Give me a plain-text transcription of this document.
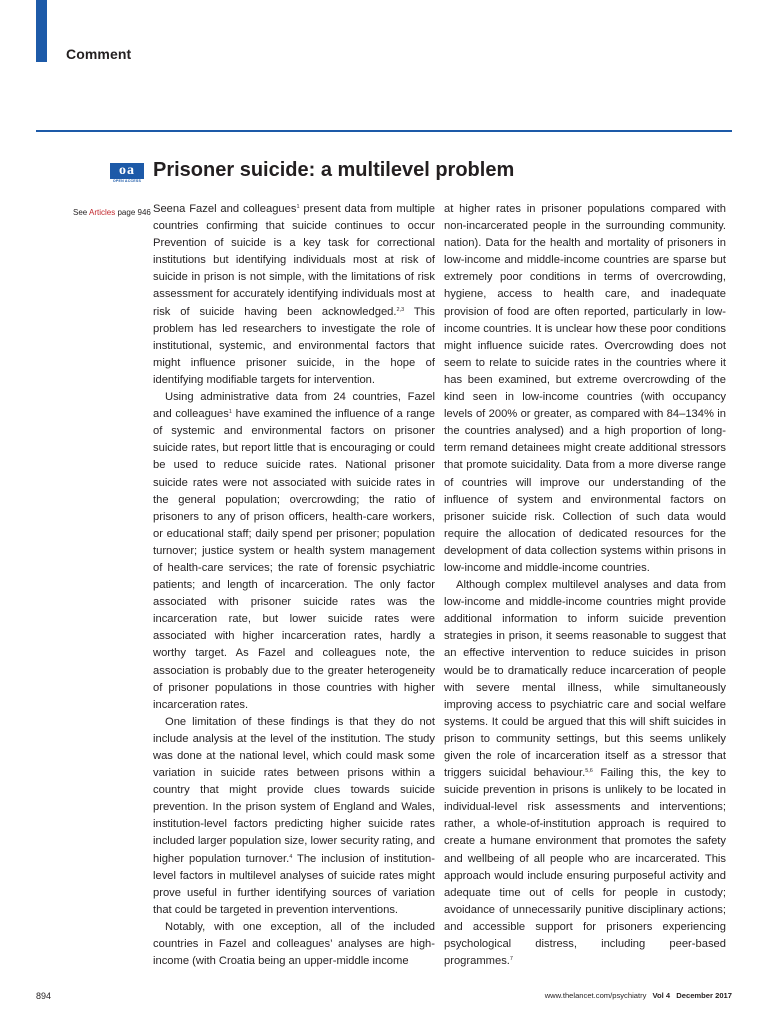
Comment
oa
OPEN ACCESS Prisoner suicide: a multilevel problem
See Articles page 946 Seena Fazel and colleagues$^1$ present data from multiple countries confirming that suicide continues to occur Prevention of suicide is a key task for correctional institutions but identifying individuals most at risk of suicide in prison is not simple, with the limitations of risk assessment for accurately identifying individuals most at risk of suicide having been acknowledged.$^{2,3}$ This problem has led researchers to investigate the role of institutional, systemic, and environmental factors that might influence prisoner suicide, in the hope of identifying modifiable targets for intervention.

Using administrative data from 24 countries, Fazel and colleagues$^1$ have examined the influence of a range of systemic and environmental factors on prisoner suicide rates, but report little that is encouraging or could be used to reduce suicide rates. National prisoner suicide rates were not associated with suicide rates in the general population; overcrowding; the ratio of prisoners to any of prison officers, health-care workers, or educational staff; daily spend per prisoner; population turnover; justice system or health system management of health-care services; the rate of forensic psychiatric patients; and length of incarceration. The only factor associated with prisoner suicide rates was the incarceration rate, but lower suicide rates were associated with higher incarceration rates, hardly a worthy target. As Fazel and colleagues note, the association is probably due to the greater heterogeneity of prisoner populations in those countries with higher incarceration rates.

One limitation of these findings is that they do not include analysis at the level of the institution. The study was done at the national level, which could mask some variation in suicide rates between prisons within a country that might provide clues towards suicide prevention. In the prison system of England and Wales, institution-level factors predicting higher suicide rates included larger population size, lower security rating, and higher population turnover.$^4$ The inclusion of institution-level factors in multilevel analyses of suicide rates might prove useful in further identifying sources of variation that could be targeted in prevention interventions.

Notably, with one exception, all of the included countries in Fazel and colleagues’ analyses are high-income (with Croatia being an upper-middle income

at higher rates in prisoner populations compared with non-incarcerated people in the surrounding community. nation). Data for the health and mortality of prisoners in low-income and middle-income countries are sparse but extremely poor conditions in terms of overcrowding, hygiene, access to health care, and inadequate provision of food are often reported, particularly in low-income countries. It is unclear how these poor conditions might influence suicide rates. Overcrowding does not seem to relate to suicide rates in the countries where it has been examined, but extreme overcrowding of the kind seen in low-income countries (with occupancy levels of 200% or greater, as compared with 84–134% in the countries analysed) and a high proportion of long-term remand detainees might create additional stressors that promote suicidality. Data from a more diverse range of countries will improve our understanding of the influence of system and environmental factors on prisoner suicide risk. Collection of such data would require the allocation of dedicated resources for the development of data collection systems within prisons in low-income and middle-income countries.

Although complex multilevel analyses and data from low-income and middle-income countries might provide additional information to inform suicide prevention strategies in prison, it seems reasonable to suggest that an effective intervention to reduce suicides in prison would be to dramatically reduce incarceration of people with severe mental illness, while simultaneously improving access to psychiatric care and social welfare systems. It could be argued that this will shift suicides in prison to community settings, but this seems unlikely given the role of incarceration itself as a stressor that triggers suicidal behaviour.$^{5,6}$ Failing this, the key to suicide prevention in prisons is unlikely to be located in individual-level risk assessments and interventions; rather, a whole-of-institution approach is required to create a humane environment that promotes the safety and wellbeing of all people who are incarcerated. This approach would include ensuring purposeful activity and adequate time out of cells for people in custody; avoidance of unnecessarily punitive disciplinary actions; and accessible support for prisoners experiencing psychological distress, including peer-based programmes.$^7$

894	www.thelancet.com/psychiatry Vol 4 December 2017
